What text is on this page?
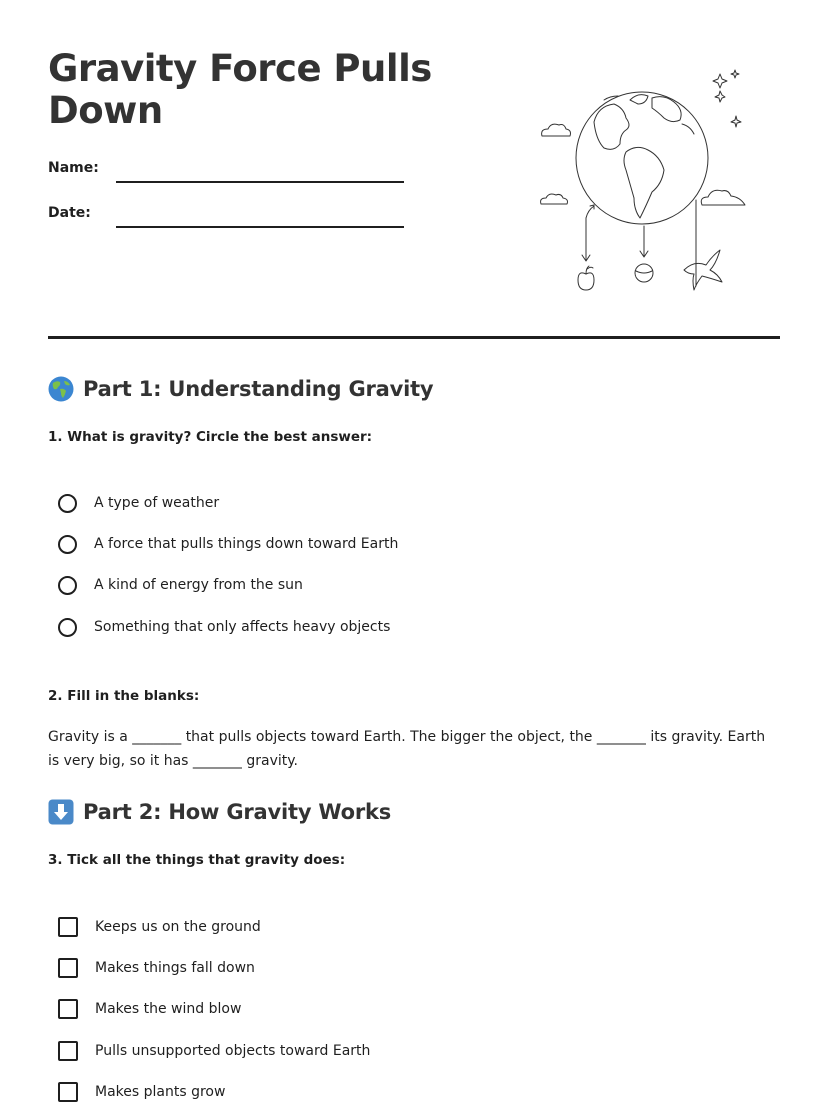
Gravity Force Pulls Down
Name:
Date:
Part 1: Understanding Gravity

1. What is gravity? Circle the best answer:

A type of weather
A force that pulls things down toward Earth
A kind of energy from the sun
Something that only affects heavy objects

2. Fill in the blanks:

Gravity is a _______ that pulls objects toward Earth. The bigger the object, the _______ its gravity. Earth is very big, so it has _______ gravity.

Part 2: How Gravity Works

3. Tick all the things that gravity does:

Keeps us on the ground
Makes things fall down
Makes the wind blow
Pulls unsupported objects toward Earth
Makes plants grow
